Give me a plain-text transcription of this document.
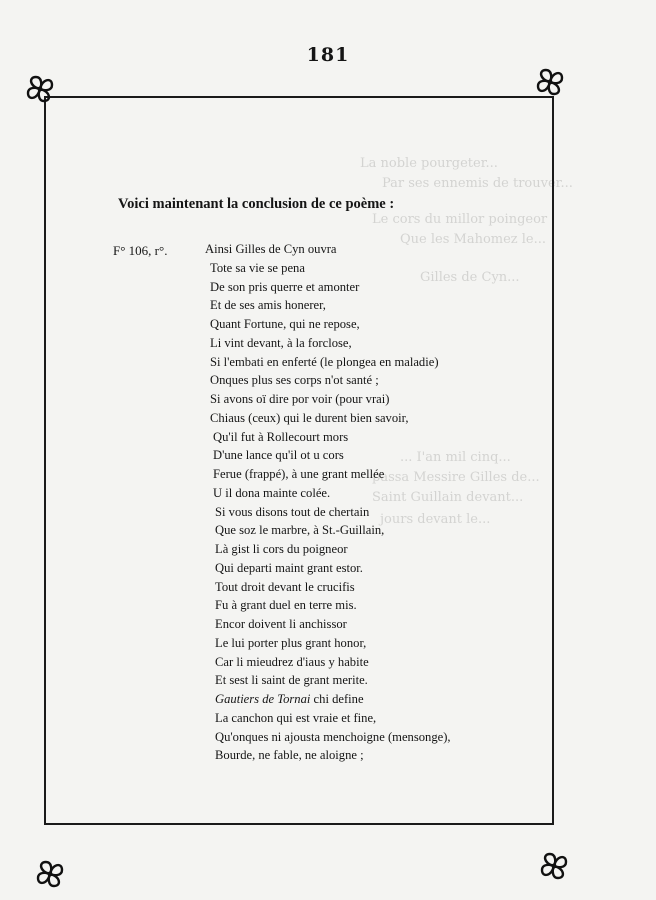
181
La noble pourgeter...
Par ses ennemis de trouver...
Le cors du millor poingeor
Que les Mahomez le...
Gilles de Cyn...
... I'an mil cinq...
passa Messire Gilles de...
Saint Guillain devant...
jours devant le...
Voici maintenant la conclusion de ce poème :
F° 106, r°.	Ainsi Gilles de Cyn ouvra
Tote sa vie se pena
De son pris querre et amonter
Et de ses amis honerer,
Quant Fortune, qui ne repose,
Li vint devant, à la forclose,
Si l'embati en enferté (le plongea en maladie)
Onques plus ses corps n'ot santé ;
Si avons oï dire por voir (pour vrai)
Chiaus (ceux) qui le durent bien savoir,
Qu'il fut à Rollecourt mors
D'une lance qu'il ot u cors
Ferue (frappé), à une grant mellée
U il dona mainte colée.
Si vous disons tout de chertain
Que soz le marbre, à St.-Guillain,
Là gist li cors du poigneor
Qui departi maint grant estor.
Tout droit devant le crucifis
Fu à grant duel en terre mis.
Encor doivent li anchissor
Le lui porter plus grant honor,
Car li mieudrez d'iaus y habite
Et sest li saint de grant merite.
Gautiers de Tornai chi define
La canchon qui est vraie et fine,
Qu'onques ni ajousta menchoigne (mensonge),
Bourde, ne fable, ne aloigne ;
